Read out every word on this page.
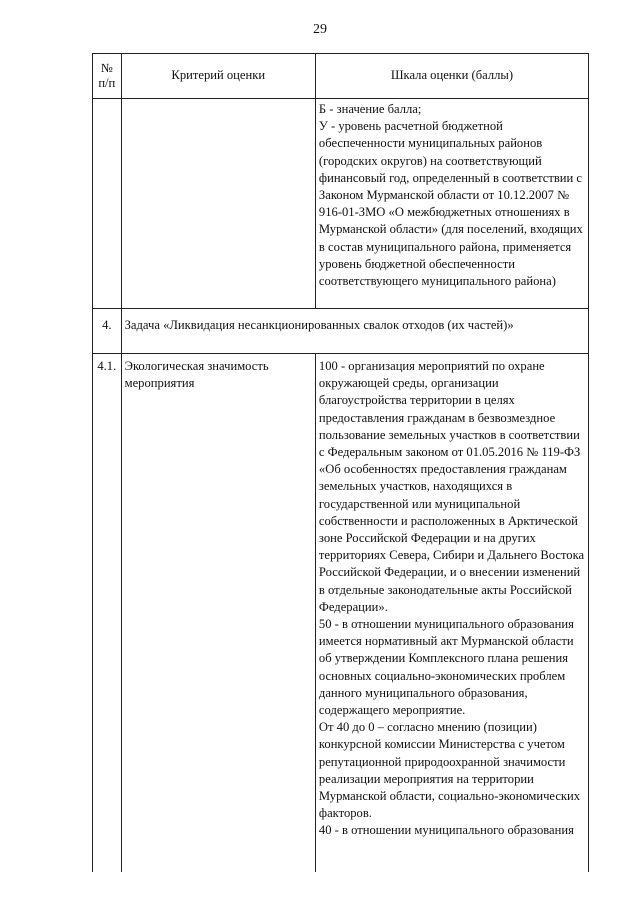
29
№ п/п	Критерий оценки	Шкала оценки (баллы)

		Б - значение балла;
У - уровень расчетной бюджетной обеспеченности муниципальных районов (городских округов) на соответствующий финансовый год, определенный в соответствии с Законом Мурманской области от 10.12.2007 № 916-01-ЗМО «О межбюджетных отношениях в Мурманской области» (для поселений, входящих в состав муниципального района, применяется уровень бюджетной обеспеченности соответствующего муниципального района)

4.	Задача «Ликвидация несанкционированных свалок отходов (их частей)»	
4.1.	Экологическая значимость мероприятия	100 - организация мероприятий по охране окружающей среды, организации благоустройства территории в целях предоставления гражданам в безвозмездное пользование земельных участков в соответствии с Федеральным законом от 01.05.2016 № 119-ФЗ «Об особенностях предоставления гражданам земельных участков, находящихся в государственной или муниципальной собственности и расположенных в Арктической зоне Российской Федерации и на других территориях Севера, Сибири и Дальнего Востока Российской Федерации, и о внесении изменений в отдельные законодательные акты Российской Федерации».
50 - в отношении муниципального образования имеется нормативный акт Мурманской области об утверждении Комплексного плана решения основных социально-экономических проблем данного муниципального образования, содержащего мероприятие.
От 40 до 0 – согласно мнению (позиции) конкурсной комиссии Министерства с учетом репутационной природоохранной значимости реализации мероприятия на территории Мурманской области, социально-экономических факторов.
40 - в отношении муниципального образования
